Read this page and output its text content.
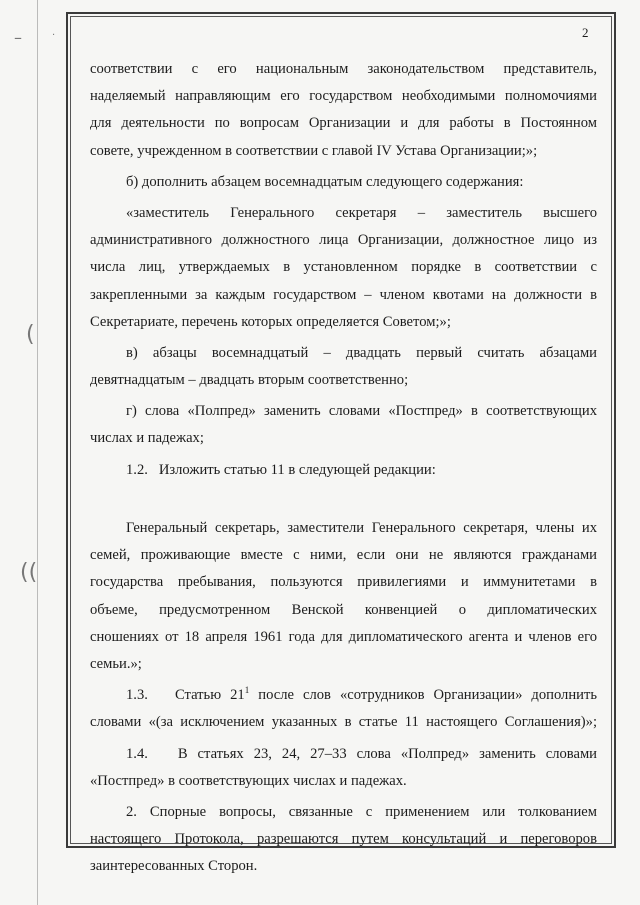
–	·
(
((
2
соответствии с его национальным законодательством представитель,
наделяемый направляющим его государством необходимыми полномочиями
для деятельности по вопросам Организации и для работы в Постоянном
совете, учрежденном в соответствии с главой IV Устава Организации;»;
б) дополнить абзацем восемнадцатым следующего содержания:
«заместитель Генерального секретаря – заместитель высшего
административного должностного лица Организации, должностное лицо из
числа лиц, утверждаемых в установленном порядке в соответствии с
закрепленными за каждым государством – членом квотами на должности в
Секретариате, перечень которых определяется Советом;»;
в) абзацы восемнадцатый – двадцать первый считать абзацами
девятнадцатым – двадцать вторым соответственно;
г) слова «Полпред» заменить словами «Постпред» в соответствующих
числах и падежах;
1.2.   Изложить статью 11 в следующей редакции:
Генеральный секретарь, заместители Генерального секретаря, члены их
семей, проживающие вместе с ними, если они не являются гражданами
государства пребывания, пользуются привилегиями и иммунитетами в
объеме, предусмотренном Венской конвенцией о дипломатических
сношениях от 18 апреля 1961 года для дипломатического агента и членов его
семьи.»;
1.3.   Статью $21^1$ после слов «сотрудников Организации» дополнить
словами «(за исключением указанных в статье 11 настоящего Соглашения)»;
1.4.   В статьях 23, 24, 27–33 слова «Полпред» заменить словами
«Постпред» в соответствующих числах и падежах.
2. Спорные вопросы, связанные с применением или толкованием
настоящего Протокола, разрешаются путем консультаций и переговоров
заинтересованных Сторон.
